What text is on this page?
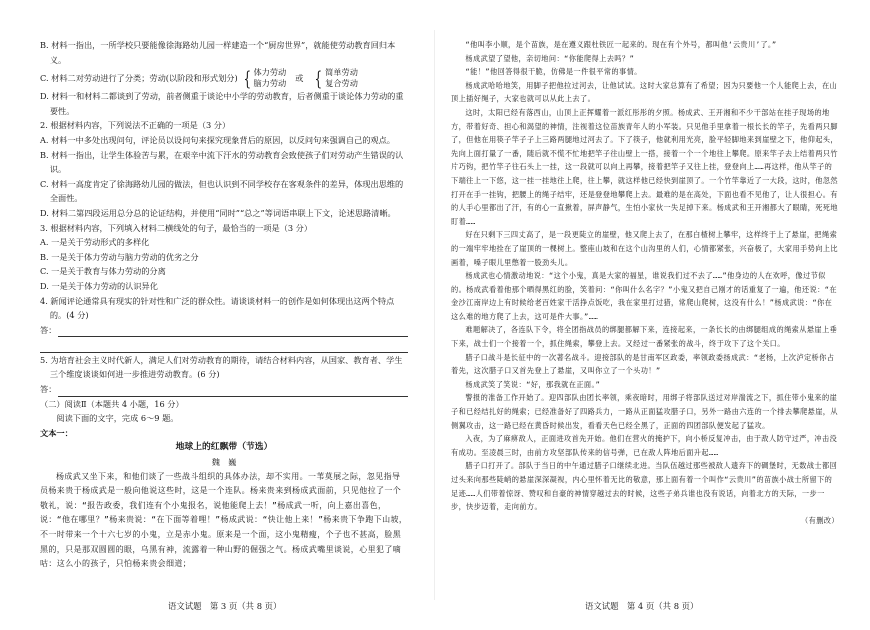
B. 材料一指出，一所学校只要能像徐海路幼儿园一样建造一个“厨房世界”，就能使劳动教育回归本义。

C. 材料二对劳动进行了分类；劳动(以阶段和形式划分) { 体力劳动
脑力劳动
或 { 简单劳动
复合劳动

D. 材料一和材料二都谈到了劳动，前者侧重于谈论中小学的劳动教育，后者侧重于谈论体力劳动的重要性。

2. 根据材料内容，下列说法不正确的一项是（3 分）

A. 材料一中多处出现问句，评论员以设问句来探究现象背后的原因，以反问句来强调自己的观点。

B. 材料一指出，让学生体验苦与累，在艰辛中流下汗水的劳动教育会致使孩子们对劳动产生错误的认识。

C. 材料一高度肯定了徐海路幼儿园的做法，但也认识到不同学校存在客观条件的差异，体现出思维的全面性。

D. 材料二第四段运用总分总的论证结构，并使用“同时”“总之”等词语串联上下文，论述思路清晰。

3. 根据材料内容，下列填入材料二横线处的句子，最恰当的一项是（3 分）

A. 一是关于劳动形式的多样化

B. 一是关于体力劳动与脑力劳动的优劣之分

C. 一是关于教育与体力劳动的分离

D. 一是关于体力劳动的认识异化

4. 新闻评论通常具有现实的针对性和广泛的群众性。请谈谈材料一的创作是如何体现出这两个特点的。(4 分)

答：

5. 为培育社会主义时代新人，满足人们对劳动教育的期待，请结合材料内容，从国家、教育者、学生三个维度谈谈如何进一步推进劳动教育。(6 分)

答：

（二）阅读Ⅱ（本题共 4 小题，16 分）

阅读下面的文字，完成 6～9 题。

文本一：

地球上的红飘带（节选）

魏　巍

杨成武又坐下来，和他们谈了一些战斗组织的具体办法，却不实用。一苇莫展之际，忽见指导员杨来贵于杨成武是一般向他说这些时，这是一个连队。杨来贵来到杨成武面前，只见他拉了一个敬礼，说：“报告政委，我们连有个小鬼报名，说他能爬上去！”杨成武一听，向上嘉出喜色，说：“他在哪里？”杨来贵说：“在下面等着哩！”杨成武说：“快让他上来！”杨来贵下争跑下山坡，不一时带来一个十六七岁的小鬼，立是赤小鬼。原来是一个面，这小鬼精瘦，个子也不甚高，脸黑黑的，只是那双圆圆的眼，乌黑有神，流露着一种山野的倔强之气。杨成武嘴里谈说，心里犯了嘀咕：这么小的孩子，只怕杨来贵会细道；

语文试题　第 3 页（共 8 页）

“他叫李小顺，是个苗族，是在遵义跟杜铁匠一起来的。现在有个外号，都叫他‘云贵川’了。”

杨成武望了望他，亲切地问：“你能爬得上去吗？”

“能！”他回答得很干脆，仿佛是一件很平常的事情。

杨成武哈哈地笑，用脚子把他拉过河去，让他试试。这时大家总算有了希望；因为只要他一个人能爬上去，在山顶上插好绳子，大家也就可以从此上去了。

这时，太阳已经有落西山，山顶上正挥耀着一派红彤彤的夕照。杨成武、王开湘和不少干部站在挂子现场的地方，带着好奇、担心和渴望的神情，注视着这位苗族青年人的小军装。只见他手里拿着一根长长的竿子，先看两只脚了，但他在用筷子竿子子上三路两腿地过河去了。下了筷子，他就利用光亮，脸平轻脚地来到崖壁之下，他仰起头，先向上面打量了一番，随后就不慌不忙地把竿子往山壁上一搭，接着一个一个地往上攀爬。原来竿子去上结着两只竹片巧钩，把竹竿子往石头上一挂，这一段就可以向上再攀，接着把竿子又往上挂，登登向上……再这样，他从竿子的下端往上一下悠，这一挂一挂地往上爬，往上攀，就这样他已经快到崖顶了。一个竹竿靠近了一大段，这时，他忽然打开在手一挂钩，把腰上的绳子结牢，还是登登地攀爬上去。最难的是在高处，下面也看不见他了，让人很担心。有的人手心里都出了汗，有的心一直揪着，屏声静气，生怕小家伙一失足掉下来。杨成武和王开湘都大了眼睛，死死地盯着……

好在只剩下三四丈高了，是一段更陡立的崖壁，他又爬上去了，在那白楂树上攀牢，这样终于上了悬崖，把绳索的一端牢牢地拴在了崖顶的一棵树上。整座山坡和在这个山沟里的人们，心情都紧张，兴奋极了，大家用手势向上比画着，嗓子眼儿里憋着一股劲头儿。

杨成武也心情激动地说：“这个小鬼，真是大家的福星，谁说我们过不去了……”他身边的人在欢呼，像过节似的。杨成武看着他那个晒得黑红的脸，笑着问：“你叫什么名字？”小鬼又把自己刚才的话重复了一遍，他还说：“在金沙江南岸边上有时候给老百姓家干活挣点饭吃，我在家里打过猎，常爬山爬树，这没有什么！”杨成武说：“你在这么难的地方爬了上去，这可是件大事。”……

难题解决了，各连队下令，将全团指战员的绑腿都解下来，连接起来，一条长长的由绑腿组成的绳索从悬崖上垂下来，战士们一个接着一个，抓住绳索，攀登上去。又经过一番紧张的战斗，终于攻下了这个关口。

腊子口战斗是长征中的一次著名战斗。迎接部队的是甘南军区政委，率领政委扬成武：“老杨，上次泸定桥你占着先，这次腊子口又首先登上了悬崖，又叫你立了一个头功！”

杨成武笑了笑说：“好，那我就在正面。”

警报的准备工作开始了。迎四部队由团长率领，乘夜暗时，用绑子将部队送过对岸湍流之下，抓住带小鬼来的崖子和已经结扎好的绳索；已经准备好了四路兵力，一路从正面猛攻腊子口，另外一路由六连的一个排去攀爬悬崖，从侧翼攻击，这一路已经在黄昏时候出发，看看天色已经全黑了，正面的四团部队便发起了猛攻。

入夜，为了麻痹敌人，正面进攻首先开始。他们在营火的掩护下，向小桥反复冲击，由于敌人防守过严，冲击没有成功。至凌晨三时，由前方攻坚部队传来的信号弹，已在敌人阵地后面升起……

腊子口打开了。部队于当日的中午通过腊子口继续北进。当队伍越过那些被敌人遗弃下的碉堡时，无数战士都回过头来向那些陡峭的悬崖深深凝视，内心里怀着无比的敬意，那上面有着一个叫作“云贵川”的苗族小战士所留下的足迹……人们带着惊讶、赞叹和自豪的神情穿越过去的时候，这些子弟兵谁也没有说话，向着北方的天际，一步一步，快步迈着，走向前方。

（有删改）

语文试题　第 4 页（共 8 页）
